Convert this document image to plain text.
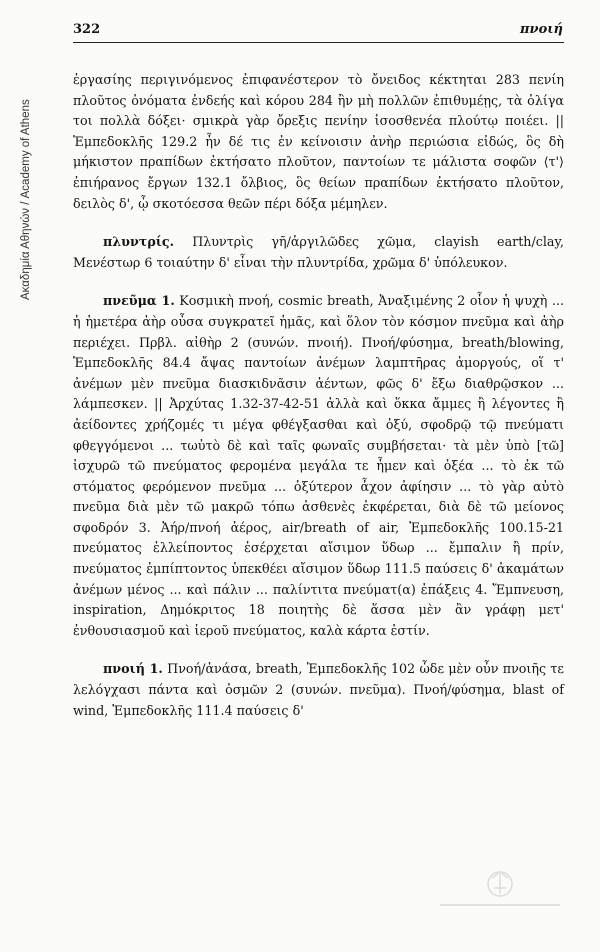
Ακαδημία Αθηνών / Academy of Athens
322	πνοιή

ἐργασίης περιγινόμενος ἐπιφανέστερον τὸ ὄνειδος κέκτηται 283 πενίη πλοῦτος ὀνόματα ἐνδεής καὶ κόρου 284 ἢν μὴ πολλῶν ἐπιθυμέῃς, τὰ ὀλίγα τοι πολλὰ δόξει· σμικρὰ γὰρ ὄρεξις πενίην ἰσοσθενέα πλούτῳ ποιέει. || Ἐμπεδοκλῆς 129.2 ἦν δέ τις ἐν κείνοισιν ἀνὴρ περιώσια εἰδώς, ὃς δὴ μήκιστον πραπίδων ἐκτήσατο πλοῦτον, παντοίων τε μάλιστα σοφῶν ⟨τ'⟩ ἐπιήρανος ἔργων 132.1 ὄλβιος, ὃς θείων πραπίδων ἐκτήσατο πλοῦτον, δειλὸς δ', ᾧ σκοτόεσσα θεῶν πέρι δόξα μέμηλεν.

πλυντρίς. Πλυντρὶς γῆ/ἀργιλῶδες χῶμα, clayish earth/clay, Μενέστωρ 6 τοιαύτην δ' εἶναι τὴν πλυντρίδα, χρῶμα δ' ὑπόλευκον.

πνεῦμα 1. Κοσμικὴ πνοή, cosmic breath, Ἀναξιμένης 2 οἷον ἡ ψυχὴ ... ἡ ἡμετέρα ἀὴρ οὖσα συγκρατεῖ ἡμᾶς, καὶ ὅλον τὸν κόσμον πνεῦμα καὶ ἀὴρ περιέχει. Πρβλ. αἰθὴρ 2 (συνών. πνοιή). Πνοή/φύσημα, breath/blowing, Ἐμπεδοκλῆς 84.4 ἄψας παντοίων ἀνέμων λαμπτῆρας ἀμοργούς, οἵ τ' ἀνέμων μὲν πνεῦμα διασκιδνᾶσιν ἀέντων, φῶς δ' ἔξω διαθρῷσκον ... λάμπεσκεν. || Ἀρχύτας 1.32-37-42-51 ἀλλὰ καὶ ὅκκα ἄμμες ἢ λέγοντες ἢ ἀείδοντες χρήζομές τι μέγα φθέγξασθαι καὶ ὀξύ, σφοδρῷ τῷ πνεύματι φθεγγόμενοι ... τωὐτὸ δὲ καὶ ταῖς φωναῖς συμβήσεται· τὰ μὲν ὑπὸ [τῶ] ἰσχυρῶ τῶ πνεύματος φερομένα μεγάλα τε ἦμεν καὶ ὀξέα ... τὸ ἐκ τῶ στόματος φερόμενον πνεῦμα ... ὀξύτερον ἆχον ἀφίησιν ... τὸ γὰρ αὐτὸ πνεῦμα διὰ μὲν τῶ μακρῶ τόπω ἀσθενὲς ἐκφέρεται, διὰ δὲ τῶ μείονος σφοδρόν 3. Ἀήρ/πνοή ἀέρος, air/breath of air, Ἐμπεδοκλῆς 100.15-21 πνεύματος ἐλλείποντος ἐσέρχεται αἴσιμον ὕδωρ ... ἔμπαλιν ἢ πρίν, πνεύματος ἐμπίπτοντος ὑπεκθέει αἴσιμον ὕδωρ 111.5 παύσεις δ' ἀκαμάτων ἀνέμων μένος ... καὶ πάλιν ... παλίντιτα πνεύματ(α) ἐπάξεις 4. Ἔμπνευση, inspiration, Δημόκριτος 18 ποιητὴς δὲ ἅσσα μὲν ἂν γράφῃ μετ' ἐνθουσιασμοῦ καὶ ἱεροῦ πνεύματος, καλὰ κάρτα ἐστίν.

πνοιή 1. Πνοή/ἀνάσα, breath, Ἐμπεδοκλῆς 102 ὧδε μὲν οὖν πνοιῆς τε λελόγχασι πάντα καὶ ὀσμῶν 2 (συνών. πνεῦμα). Πνοή/φύσημα, blast of wind, Ἐμπεδοκλῆς 111.4 παύσεις δ'
